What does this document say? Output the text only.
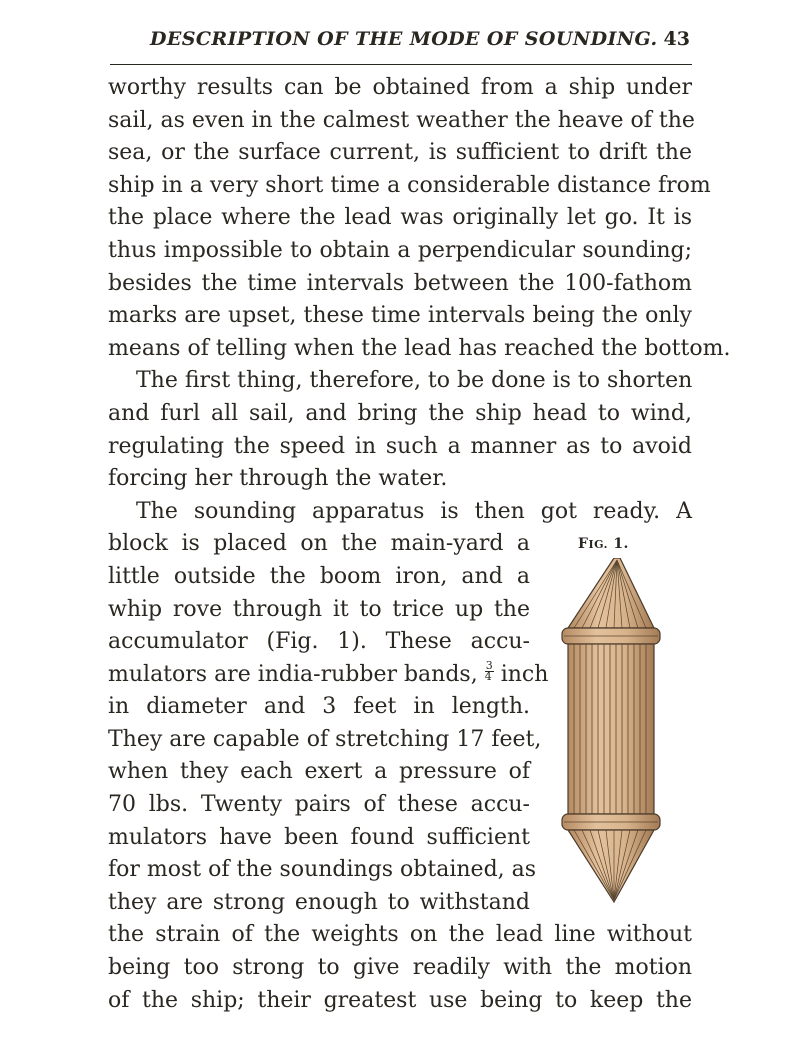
DESCRIPTION OF THE MODE OF SOUNDING. 43
worthy results can be obtained from a ship under
sail, as even in the calmest weather the heave of the
sea, or the surface current, is sufficient to drift the
ship in a very short time a considerable distance from
the place where the lead was originally let go. It is
thus impossible to obtain a perpendicular sounding;
besides the time intervals between the 100-fathom
marks are upset, these time intervals being the only
means of telling when the lead has reached the bottom.
The first thing, therefore, to be done is to shorten
and furl all sail, and bring the ship head to wind,
regulating the speed in such a manner as to avoid
forcing her through the water.
The sounding apparatus is then got ready. A
block is placed on the main-yard a
little outside the boom iron, and a
whip rove through it to trice up the
accumulator (Fig. 1). These accu-
mulators are india-rubber bands, $\frac{3}{4}$ inch
in diameter and 3 feet in length.
They are capable of stretching 17 feet,
when they each exert a pressure of
70 lbs. Twenty pairs of these accu-
mulators have been found sufficient
for most of the soundings obtained, as
they are strong enough to withstand
the strain of the weights on the lead line without
being too strong to give readily with the motion
of the ship; their greatest use being to keep the
FIG. 1.
